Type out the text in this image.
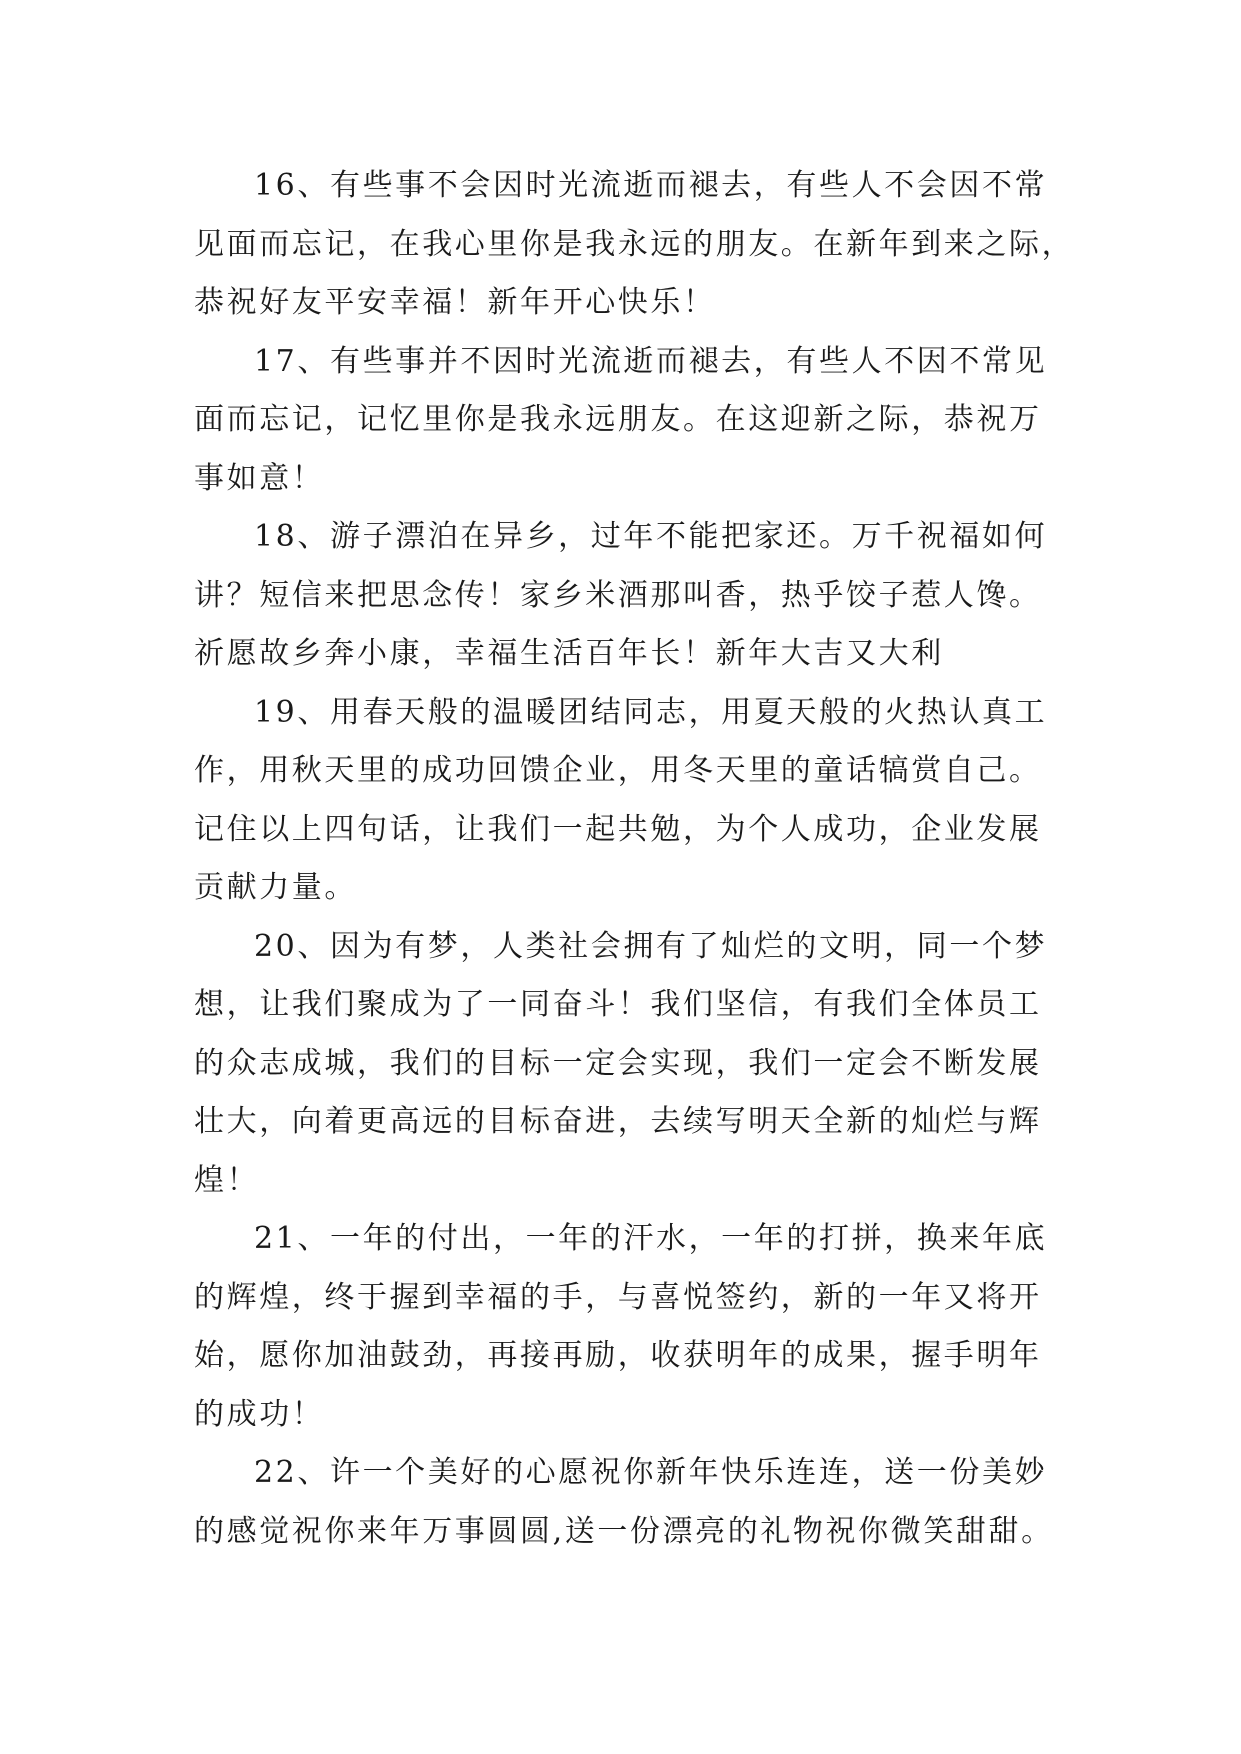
16、有些事不会因时光流逝而褪去，有些人不会因不常
见面而忘记，在我心里你是我永远的朋友。在新年到来之际，
恭祝好友平安幸福！新年开心快乐！

17、有些事并不因时光流逝而褪去，有些人不因不常见
面而忘记，记忆里你是我永远朋友。在这迎新之际，恭祝万
事如意！

18、游子漂泊在异乡，过年不能把家还。万千祝福如何
讲？短信来把思念传！家乡米酒那叫香，热乎饺子惹人馋。
祈愿故乡奔小康，幸福生活百年长！新年大吉又大利

19、用春天般的温暖团结同志，用夏天般的火热认真工
作，用秋天里的成功回馈企业，用冬天里的童话犒赏自己。
记住以上四句话，让我们一起共勉，为个人成功，企业发展
贡献力量。

20、因为有梦，人类社会拥有了灿烂的文明，同一个梦
想，让我们聚成为了一同奋斗！我们坚信，有我们全体员工
的众志成城，我们的目标一定会实现，我们一定会不断发展
壮大，向着更高远的目标奋进，去续写明天全新的灿烂与辉
煌！

21、一年的付出，一年的汗水，一年的打拼，换来年底
的辉煌，终于握到幸福的手，与喜悦签约，新的一年又将开
始，愿你加油鼓劲，再接再励，收获明年的成果，握手明年
的成功！

22、许一个美好的心愿祝你新年快乐连连，送一份美妙
的感觉祝你来年万事圆圆,送一份漂亮的礼物祝你微笑甜甜。
